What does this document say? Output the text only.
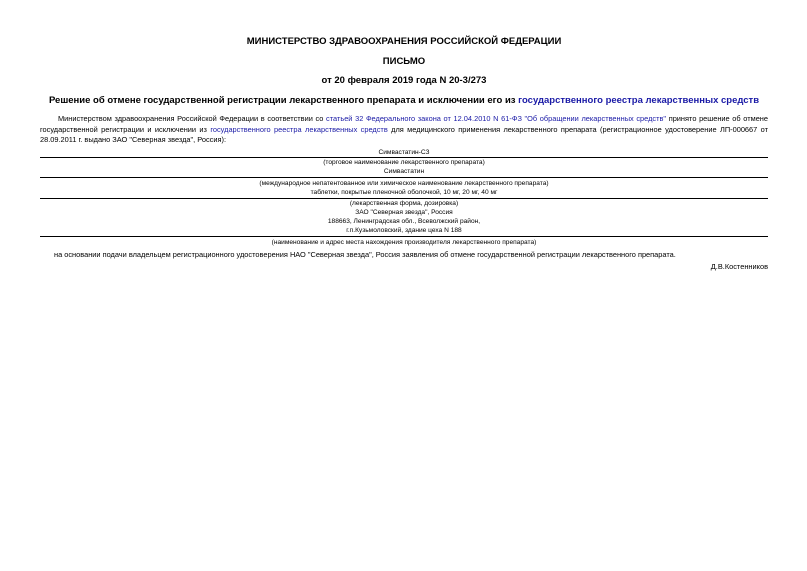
МИНИСТЕРСТВО ЗДРАВООХРАНЕНИЯ РОССИЙСКОЙ ФЕДЕРАЦИИ
ПИСЬМО
от 20 февраля 2019 года N 20-3/273
Решение об отмене государственной регистрации лекарственного препарата и исключении его из государственного реестра лекарственных средств
Министерством здравоохранения Российской Федерации в соответствии со статьей 32 Федерального закона от 12.04.2010 N 61-ФЗ "Об обращении лекарственных средств" принято решение об отмене государственной регистрации и исключении из государственного реестра лекарственных средств для медицинского применения лекарственного препарата (регистрационное удостоверение ЛП-000667 от 28.09.2011 г. выдано ЗАО "Северная звезда", Россия):
Симвастатин-СЗ
(торговое наименование лекарственного препарата)
Симвастатин
(международное непатентованное или химическое наименование лекарственного препарата)
таблетки, покрытые пленочной оболочкой, 10 мг, 20 мг, 40 мг
(лекарственная форма, дозировка)
ЗАО "Северная звезда", Россия
188663, Ленинградская обл., Всеволжский район,
г.п.Кузьмоловский, здание цеха N 188
(наименование и адрес места нахождения производителя лекарственного препарата)
на основании подачи владельцем регистрационного удостоверения НАО "Северная звезда", Россия заявления об отмене государственной регистрации лекарственного препарата.
Д.В.Костенников
